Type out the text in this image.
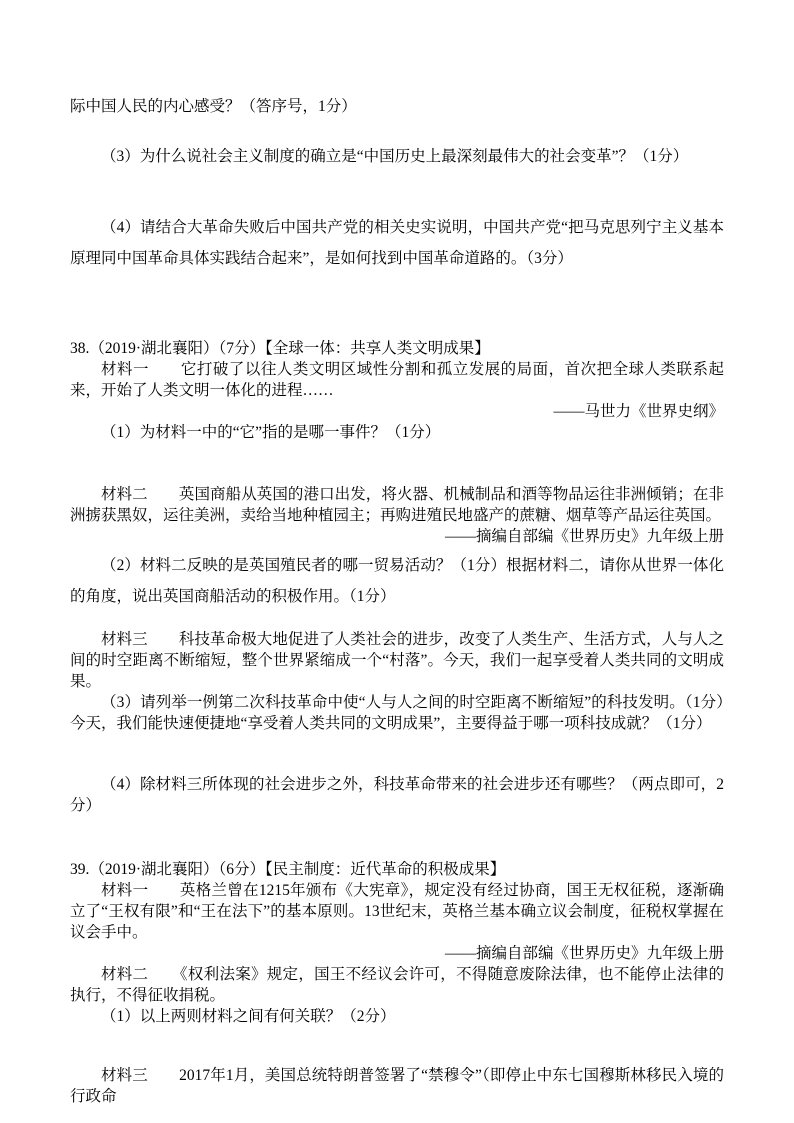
际中国人民的内心感受？（答序号，1分）

（3）为什么说社会主义制度的确立是“中国历史上最深刻最伟大的社会变革”？（1分）

（4）请结合大革命失败后中国共产党的相关史实说明，中国共产党“把马克思列宁主义基本原理同中国革命具体实践结合起来”，是如何找到中国革命道路的。（3分）

38.（2019·湖北襄阳）（7分）【全球一体：共享人类文明成果】

材料一　　它打破了以往人类文明区域性分割和孤立发展的局面，首次把全球人类联系起来，开始了人类文明一体化的进程……

——马世力《世界史纲》

（1）为材料一中的“它”指的是哪一事件？（1分）

材料二　　英国商船从英国的港口出发，将火器、机械制品和酒等物品运往非洲倾销；在非洲掳获黑奴，运往美洲，卖给当地种植园主；再购进殖民地盛产的蔗糖、烟草等产品运往英国。

——摘编自部编《世界历史》九年级上册

（2）材料二反映的是英国殖民者的哪一贸易活动？（1分）根据材料二，请你从世界一体化的角度，说出英国商船活动的积极作用。（1分）

材料三　　科技革命极大地促进了人类社会的进步，改变了人类生产、生活方式，人与人之间的时空距离不断缩短，整个世界紧缩成一个“村落”。今天，我们一起享受着人类共同的文明成果。

（3）请列举一例第二次科技革命中使“人与人之间的时空距离不断缩短”的科技发明。（1分）今天，我们能快速便捷地“享受着人类共同的文明成果”，主要得益于哪一项科技成就？（1分）

（4）除材料三所体现的社会进步之外，科技革命带来的社会进步还有哪些？（两点即可，2分）

39.（2019·湖北襄阳）（6分）【民主制度：近代革命的积极成果】

材料一　　英格兰曾在1215年颁布《大宪章》，规定没有经过协商，国王无权征税，逐渐确立了“王权有限”和“王在法下”的基本原则。13世纪末，英格兰基本确立议会制度，征税权掌握在议会手中。

——摘编自部编《世界历史》九年级上册

材料二　　《权利法案》规定，国王不经议会许可，不得随意废除法律，也不能停止法律的执行，不得征收捐税。

（1）以上两则材料之间有何关联？（2分）

材料三　　2017年1月，美国总统特朗普签署了“禁穆令”（即停止中东七国穆斯林移民入境的行政命
